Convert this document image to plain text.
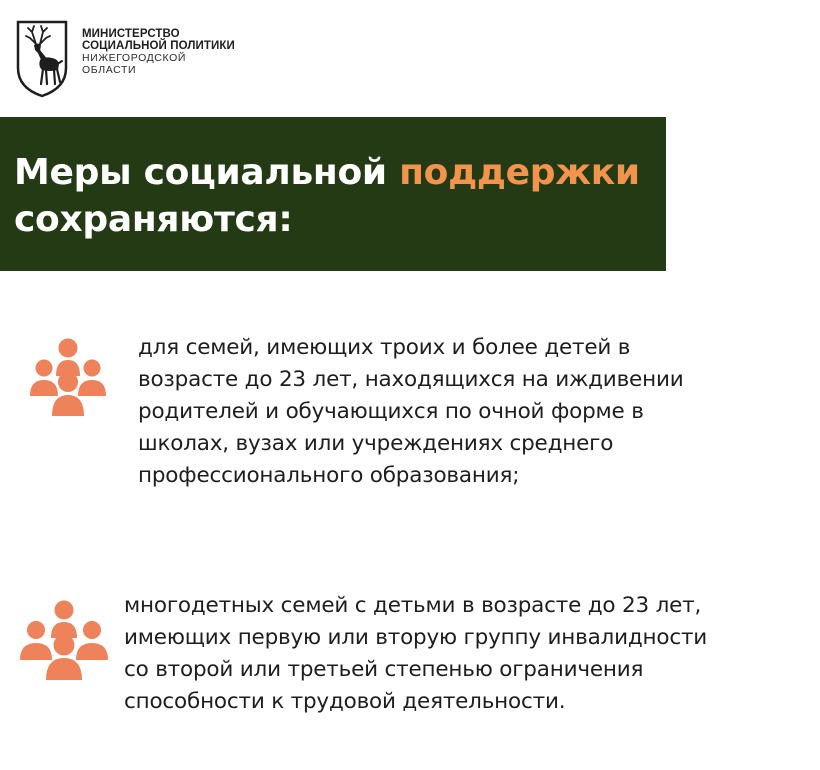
МИНИСТЕРСТВО
СОЦИАЛЬНОЙ ПОЛИТИКИ
НИЖЕГОРОДСКОЙ
ОБЛАСТИ
Меры социальной поддержки
сохраняются:
для семей, имеющих троих и более детей в
возрасте до 23 лет, находящихся на иждивении
родителей и обучающихся по очной форме в
школах, вузах или учреждениях среднего
профессионального образования;
многодетных семей с детьми в возрасте до 23 лет,
имеющих первую или вторую группу инвалидности
со второй или третьей степенью ограничения
способности к трудовой деятельности.
